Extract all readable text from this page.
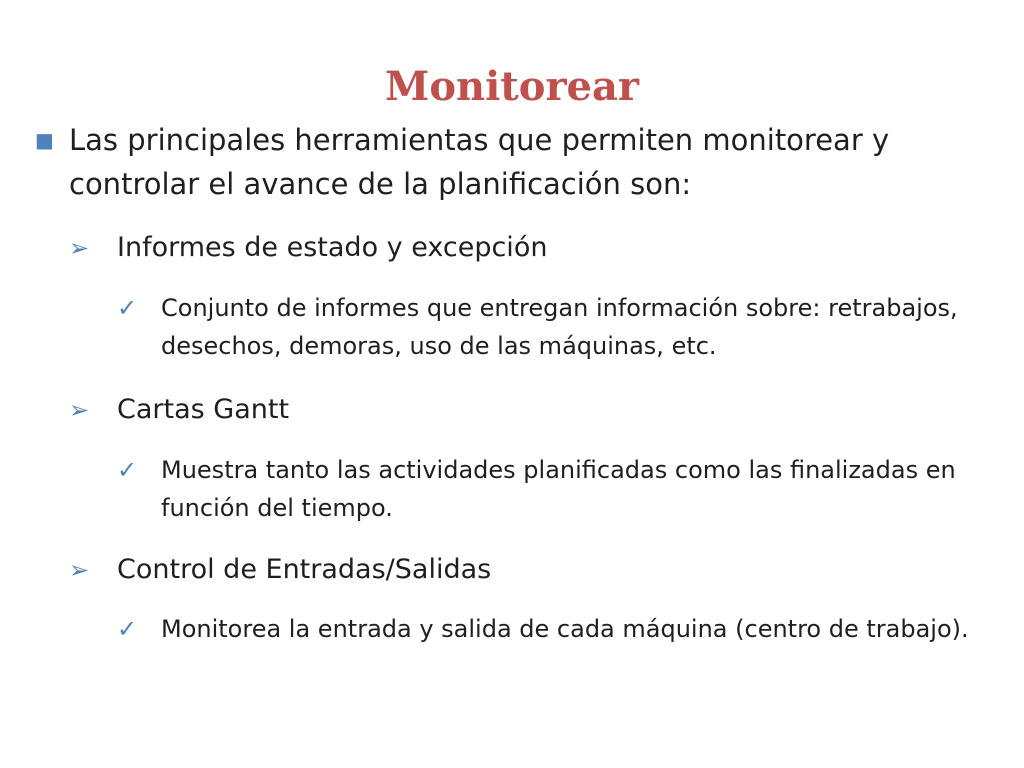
Monitorear
■ Las principales herramientas que permiten monitorear y controlar el avance de la planificación son:
➢ Informes de estado y excepción
✓ Conjunto de informes que entregan información sobre: retrabajos, desechos, demoras, uso de las máquinas, etc.
➢ Cartas Gantt
✓ Muestra tanto las actividades planificadas como las finalizadas en función del tiempo.
➢ Control de Entradas/Salidas
✓ Monitorea la entrada y salida de cada máquina (centro de trabajo).
